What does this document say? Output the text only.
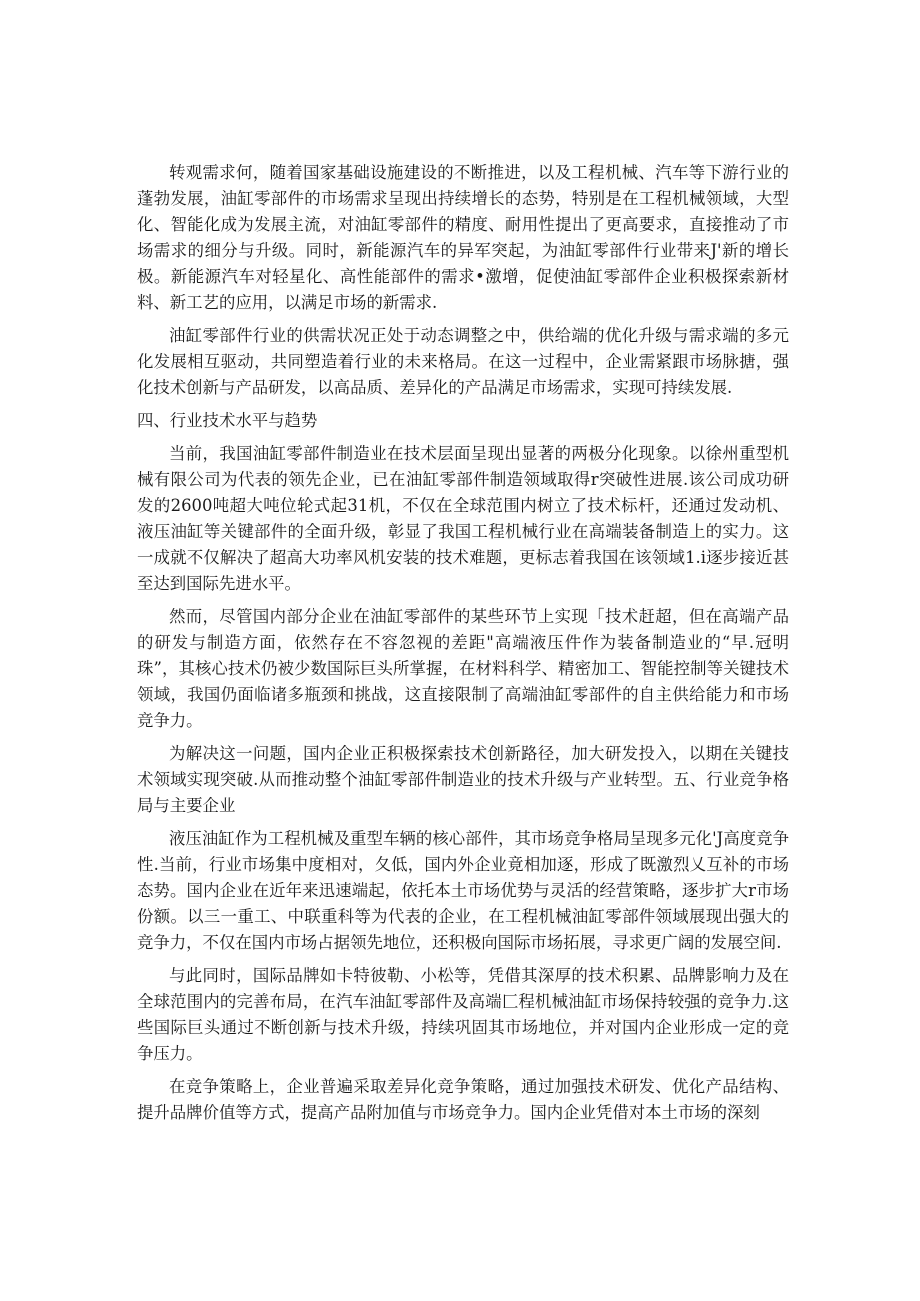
转观需求何，随着国家基础设施建设的不断推进，以及工程机械、汽车等下游行业的蓬勃发展，油缸零部件的市场需求呈现出持续增长的态势，特别是在工程机械领域，大型化、智能化成为发展主流，对油缸零部件的精度、耐用性提出了更高要求，直接推动了市场需求的细分与升级。同时，新能源汽车的异军突起，为油缸零部件行业带来J'新的增长极。新能源汽车对轻星化、高性能部件的需求•激增，促使油缸零部件企业积极探索新材料、新工艺的应用，以满足市场的新需求.

油缸零部件行业的供需状况正处于动态调整之中，供给端的优化升级与需求端的多元化发展相互驱动，共同塑造着行业的未来格局。在这一过程中，企业需紧跟市场脉搪，强化技术创新与产品研发，以高品质、差异化的产品满足市场需求，实现可持续发展.

四、行业技术水平与趋势

当前，我国油缸零部件制造业在技术层面呈现出显著的两极分化现象。以徐州重型机械有限公司为代表的领先企业，已在油缸零部件制造领域取得r突破性进展.该公司成功研发的2600吨超大吨位轮式起31机，不仅在全球范围内树立了技术标杆，还通过发动机、液压油缸等关键部件的全面升级，彰显了我国工程机械行业在高端装备制造上的实力。这一成就不仅解决了超高大功率风机安装的技术难题，更标志着我国在该领域1.i逐步接近甚至达到国际先进水平。

然而，尽管国内部分企业在油缸零部件的某些环节上实现「技术赶超，但在高端产品的研发与制造方面，依然存在不容忽视的差距"高端液压件作为装备制造业的“早.冠明珠”，其核心技术仍被少数国际巨头所掌握，在材料科学、精密加工、智能控制等关键技术领域，我国仍面临诸多瓶颈和挑战，这直接限制了高端油缸零部件的自主供给能力和市场竞争力。

为解决这一问题，国内企业正积极探索技术创新路径，加大研发投入，以期在关键技术领域实现突破.从而推动整个油缸零部件制造业的技术升级与产业转型。五、行业竞争格局与主要企业

液压油缸作为工程机械及重型车辆的核心部件，其市场竞争格局呈现多元化'J高度竞争性.当前，行业市场集中度相对，夂低，国内外企业竟相加逐，形成了既激烈乂互补的市场态势。国内企业在近年来迅速端起，依托本土市场优势与灵活的经营策略，逐步扩大r市场份额。以三一重工、中联重科等为代表的企业，在工程机械油缸零部件领域展现出强大的竞争力，不仅在国内市场占据领先地位，还积极向国际市场拓展，寻求更广阔的发展空间.

与此同时，国际品牌如卡特彼勒、小松等，凭借其深厚的技术积累、品牌影响力及在全球范围内的完善布局，在汽车油缸零部件及高端匚程机械油缸市场保持较强的竞争力.这些国际巨头通过不断创新与技术升级，持续巩固其市场地位，并对国内企业形成一定的竞争压力。

在竞争策略上，企业普遍采取差异化竞争策略，通过加强技术研发、优化产品结构、提升品牌价值等方式，提高产品附加值与市场竞争力。国内企业凭借对本土市场的深刻
